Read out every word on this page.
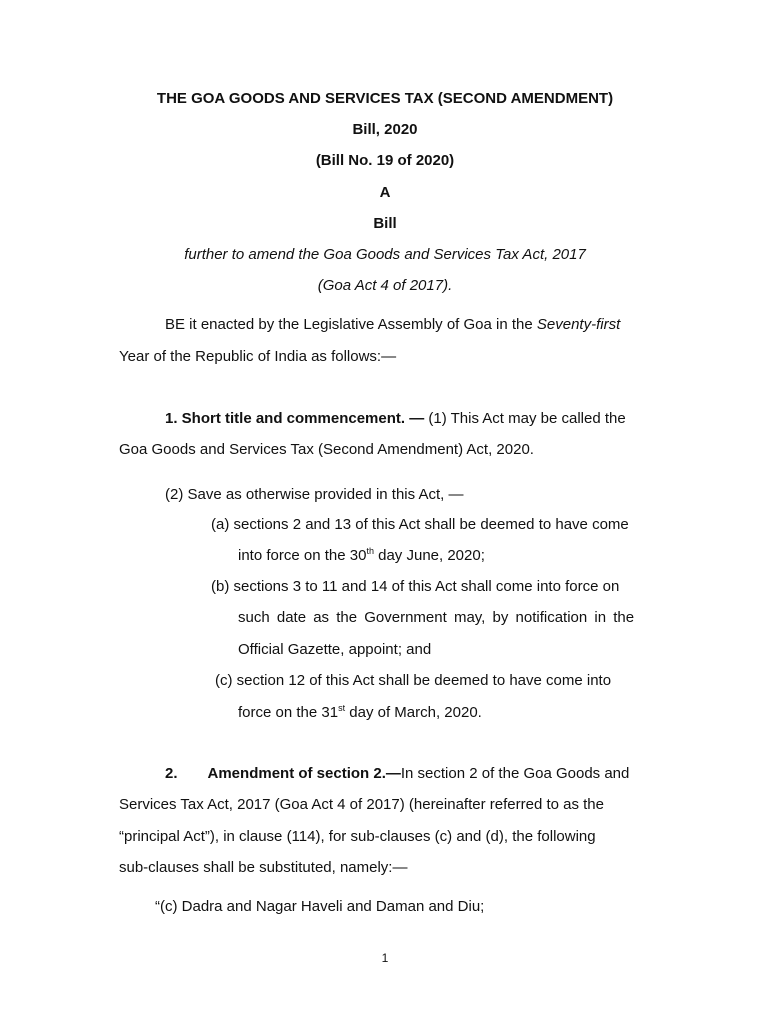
THE GOA GOODS AND SERVICES TAX (SECOND AMENDMENT)
Bill, 2020
(Bill No. 19 of 2020)
A
Bill
further to amend the Goa Goods and Services Tax Act, 2017
(Goa Act 4 of 2017).
BE it enacted by the Legislative Assembly of Goa in the Seventy-first
Year of the Republic of India as follows:—
1. Short title and commencement. — (1) This Act may be called the
Goa Goods and Services Tax (Second Amendment) Act, 2020.
(2) Save as otherwise provided in this Act, —
(a) sections 2 and 13 of this Act shall be deemed to have come
into force on the 30th day June, 2020;
(b) sections 3 to 11 and 14 of this Act shall come into force on
such date as the Government may, by notification in the
Official Gazette, appoint; and
(c) section 12 of this Act shall be deemed to have come into
force on the 31st day of March, 2020.
2. Amendment of section 2.—In section 2 of the Goa Goods and
Services Tax Act, 2017 (Goa Act 4 of 2017) (hereinafter referred to as the
“principal Act”), in clause (114), for sub-clauses (c) and (d), the following
sub-clauses shall be substituted, namely:—
“(c) Dadra and Nagar Haveli and Daman and Diu;
1
